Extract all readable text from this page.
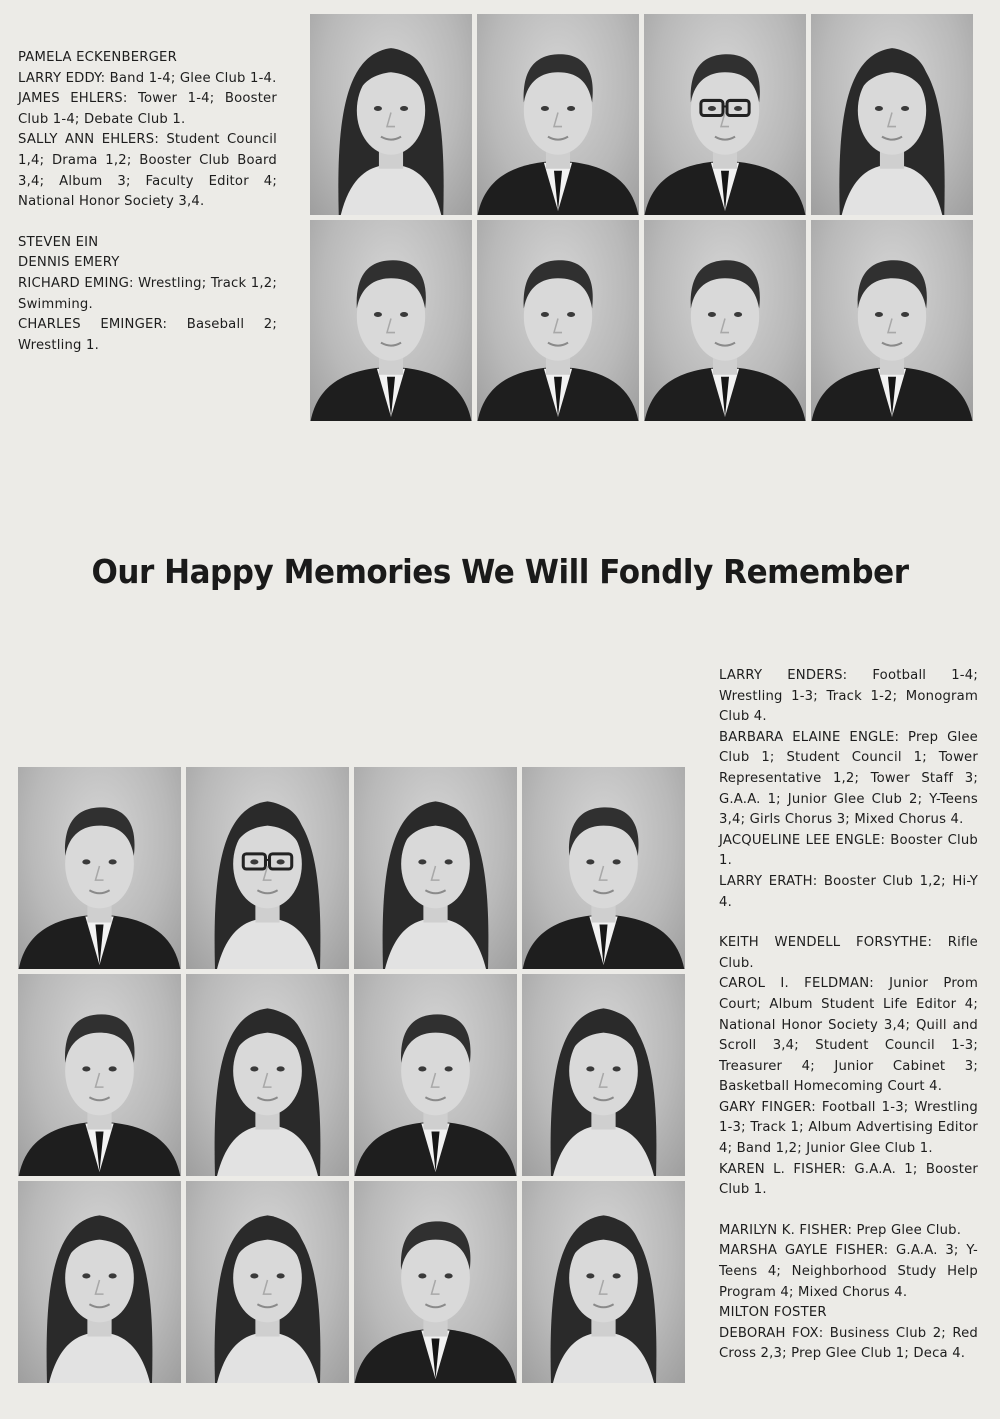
PAMELA ECKENBERGER

LARRY EDDY: Band 1-4; Glee Club 1-4.

JAMES EHLERS: Tower 1-4; Booster Club 1-4; Debate Club 1.

SALLY ANN EHLERS: Student Council 1,4; Drama 1,2; Booster Club Board 3,4; Album 3; Faculty Editor 4; National Honor Society 3,4.

STEVEN EIN

DENNIS EMERY

RICHARD EMING: Wrestling; Track 1,2; Swimming.

CHARLES EMINGER: Baseball 2; Wrestling 1.

Our Happy Memories We Will Fondly Remember

LARRY ENDERS: Football 1-4; Wrestling 1-3; Track 1-2; Monogram Club 4.

BARBARA ELAINE ENGLE: Prep Glee Club 1; Student Council 1; Tower Representative 1,2; Tower Staff 3; G.A.A. 1; Junior Glee Club 2; Y-Teens 3,4; Girls Chorus 3; Mixed Chorus 4.

JACQUELINE LEE ENGLE: Booster Club 1.

LARRY ERATH: Booster Club 1,2; Hi-Y 4.

KEITH WENDELL FORSYTHE: Rifle Club.

CAROL I. FELDMAN: Junior Prom Court; Album Student Life Editor 4; National Honor Society 3,4; Quill and Scroll 3,4; Student Council 1-3; Treasurer 4; Junior Cabinet 3; Basketball Homecoming Court 4.

GARY FINGER: Football 1-3; Wrestling 1-3; Track 1; Album Advertising Editor 4; Band 1,2; Junior Glee Club 1.

KAREN L. FISHER: G.A.A. 1; Booster Club 1.

MARILYN K. FISHER: Prep Glee Club.

MARSHA GAYLE FISHER: G.A.A. 3; Y-Teens 4; Neighborhood Study Help Program 4; Mixed Chorus 4.

MILTON FOSTER

DEBORAH FOX: Business Club 2; Red Cross 2,3; Prep Glee Club 1; Deca 4.
